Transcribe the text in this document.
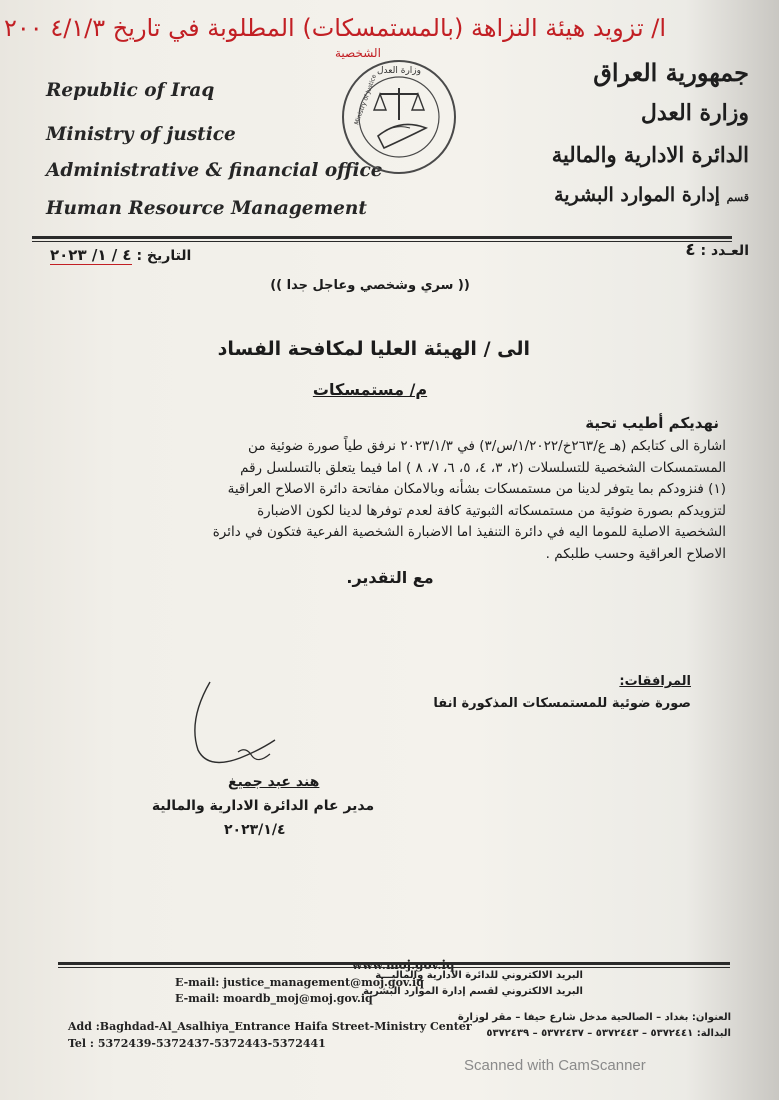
ا/ تزويد هيئة النزاهة (بالمستمسكات) المطلوبة في تاريخ ٤/١/٣ ٢٠٠
الشخصية
Republic of Iraq
Ministry of justice
Administrative & financial office
Human Resource Management
وزارة العدل
Ministry of Justice
جمهورية العراق
وزارة العدل
الدائرة الادارية والمالية
قسم إدارة الموارد البشرية
العـدد : ٤
التاريخ : ٤ / ١/ ٢٠٢٣
(( سري وشخصي وعاجل جدا ))
الى / الهيئة العليا لمكافحة الفساد
م/ مستمسكات
نهديكم أطيب تحية
اشارة الى كتابكم (هـ ع/٢٦٣خ/١/٢٠٢٢/س/٣) في ٢٠٢٣/١/٣ نرفق طياً صورة ضوئية من
المستمسكات الشخصية للتسلسلات (٢، ٣، ٤، ٥، ٦، ٧، ٨ ) اما فيما يتعلق بالتسلسل رقم
(١) فنزودكم بما يتوفر لدينا من مستمسكات بشأنه وبالامكان مفاتحة دائرة الاصلاح العراقية
لتزويدكم بصورة ضوئية من مستمسكاته الثبوتية كافة لعدم توفرها لدينا لكون الاضبارة
الشخصية الاصلية للموما اليه في دائرة التنفيذ اما الاضبارة الشخصية الفرعية فتكون في دائرة
الاصلاح العراقية وحسب طلبكم .
مع التقدير.
المرافقات:
صورة ضوئية للمستمسكات المذكورة انفا
هند عبد جميغ
مدير عام الدائرة الادارية والمالية
٢٠٢٣/١/٤
www.moj.gov.iq
E-mail: justice_management@moj.gov.iq
E-mail: moardb_moj@moj.gov.iq
البريد الالكتروني للدائرة الادارية والماليـــة
البريد الالكتروني لقسم إدارة الموارد البشرية
Add :Baghdad-Al_Asalhiya_Entrance Haifa Street-Ministry Center
Tel : 5372439-5372437-5372443-5372441
العنوان: بغداد – الصالحية مدخل شارع حيفا – مقر لوزارة
البدالة: ٥٣٧٢٤٤١ – ٥٣٧٢٤٤٣ – ٥٣٧٢٤٣٧ – ٥٣٧٢٤٣٩
Scanned with CamScanner
